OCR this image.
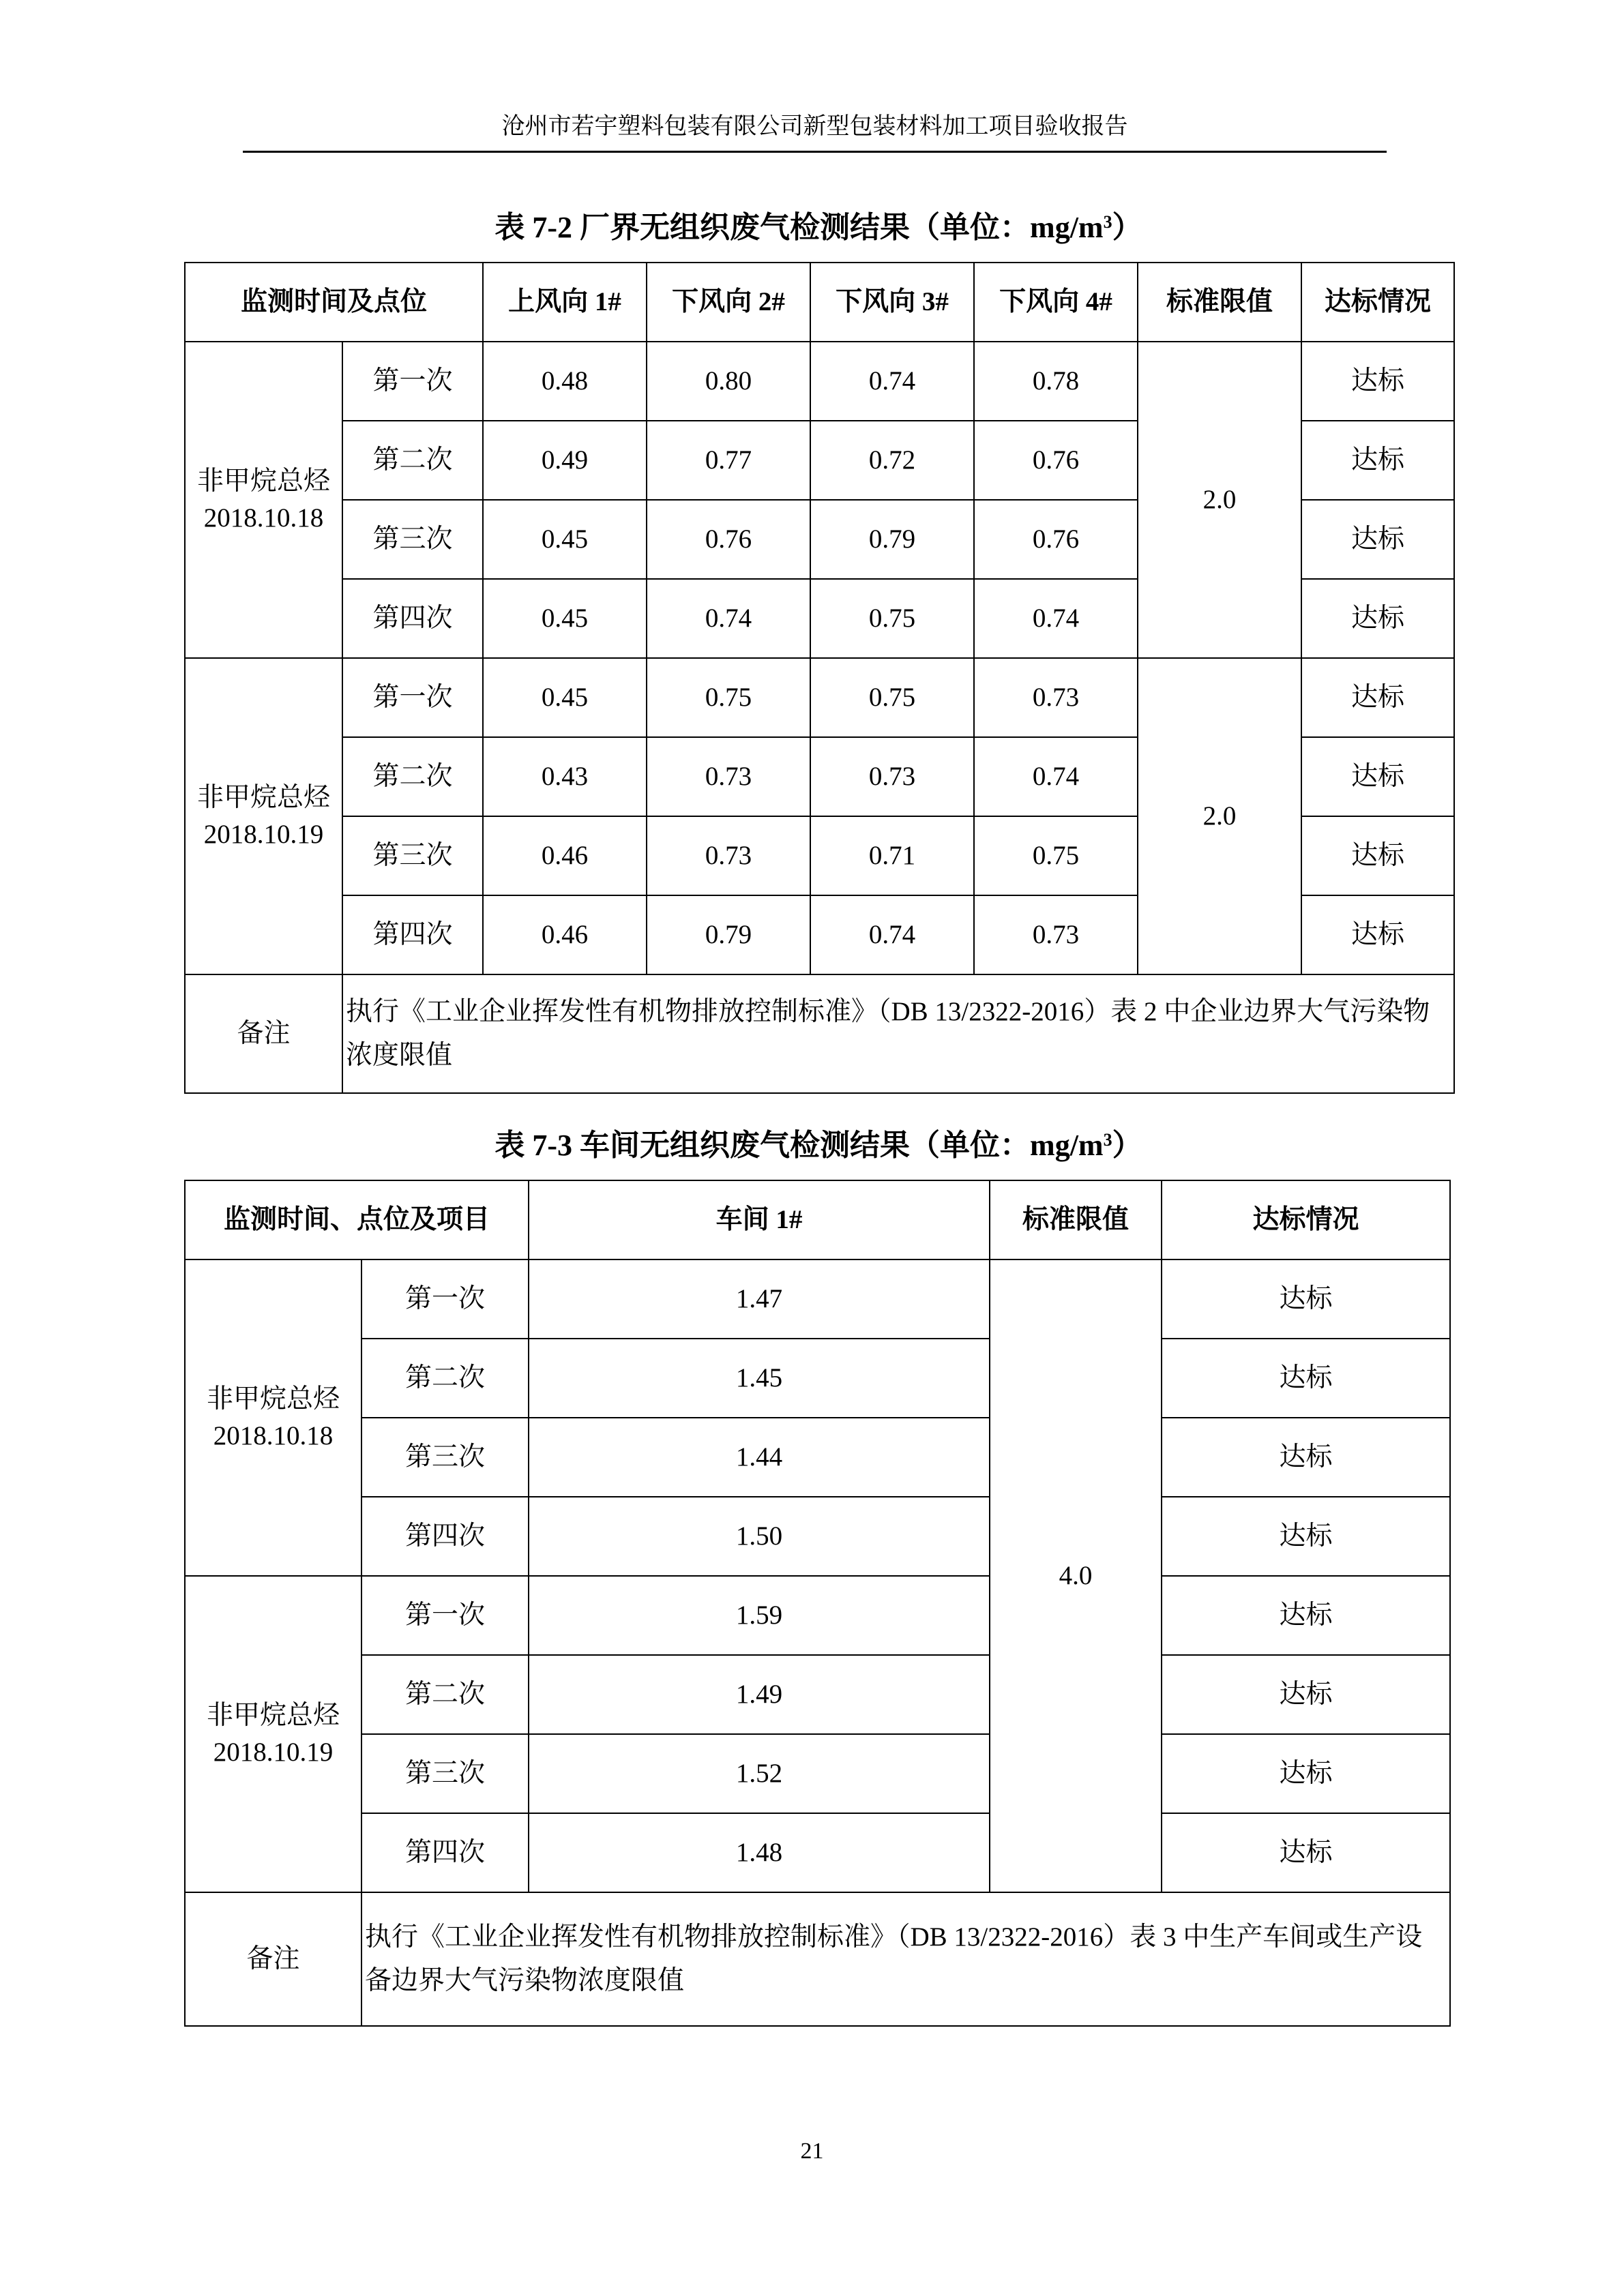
沧州市若宇塑料包装有限公司新型包装材料加工项目验收报告
表 7-2 厂界无组织废气检测结果（单位：$mg/m^3$）
监测时间及点位		上风向 1#	下风向 2#	下风向 3#	下风向 4#	标准限值	达标情况

非甲烷总烃
2018.10.18	第一次	0.48	0.80	0.74	0.78	2.0	达标
	第二次	0.49	0.77	0.72	0.76		达标
	第三次	0.45	0.76	0.79	0.76		达标
	第四次	0.45	0.74	0.75	0.74		达标

非甲烷总烃
2018.10.19	第一次	0.45	0.75	0.75	0.73	2.0	达标
	第二次	0.43	0.73	0.73	0.74		达标
	第三次	0.46	0.73	0.71	0.75		达标
	第四次	0.46	0.79	0.74	0.73		达标
备注	执行《工业企业挥发性有机物排放控制标准》（DB 13/2322-2016）表 2 中企业边界大气污染物浓度限值						
表 7-3 车间无组织废气检测结果（单位：$mg/m^3$）
监测时间、点位及项目		车间 1#	标准限值	达标情况

非甲烷总烃
2018.10.18	第一次	1.47	4.0	达标
	第二次	1.45		达标
	第三次	1.44		达标
	第四次	1.50		达标

非甲烷总烃
2018.10.19	第一次	1.59		达标
	第二次	1.49		达标
	第三次	1.52		达标
	第四次	1.48		达标
备注	执行《工业企业挥发性有机物排放控制标准》（DB 13/2322-2016）表 3 中生产车间或生产设备边界大气污染物浓度限值			
21
